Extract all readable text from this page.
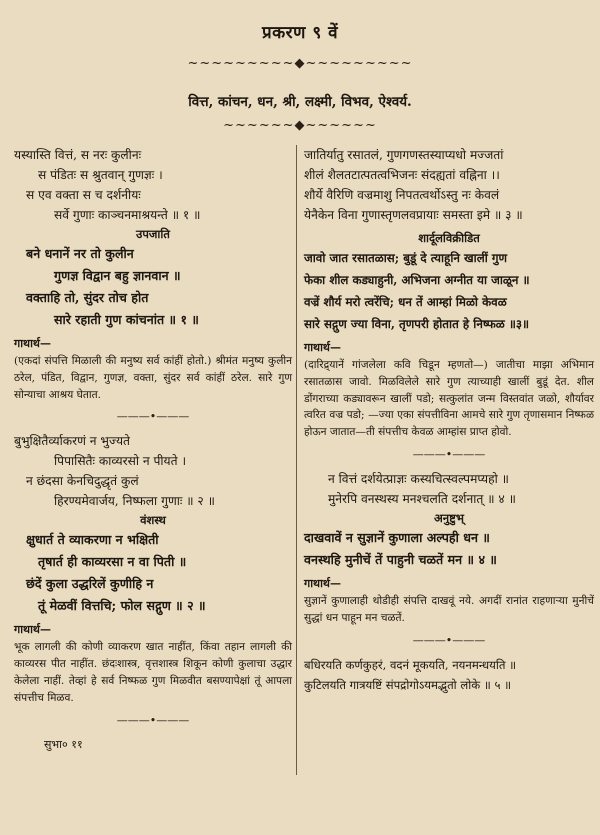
प्रकरण ९ वें
~~~~~~~~~◆~~~~~~~~~
वित्त, कांचन, धन, श्री, लक्ष्मी, विभव, ऐश्वर्य.
~~~~~~◆~~~~~~
यस्यास्ति वित्तं, स नरः कुलीनः
स पंडितः स श्रुतवान् गुणज्ञः ।
स एव वक्ता स च दर्शनीयः
सर्वे गुणाः काञ्चनमाश्रयन्ते ॥ १ ॥
उपजाति
बने धनानें नर तो कुलीन
गुणज्ञ विद्वान बहु ज्ञानवान ॥
वक्ताहि तो, सुंदर तोच होत
सारे रहाती गुण कांचनांत ॥ १ ॥
गाथार्थ—
(एकदां संपत्ति मिळाली की मनुष्य सर्व कांहीं होतो.) श्रीमंत मनुष्य कुलीन ठरेल, पंडित, विद्वान, गुणज्ञ, वक्ता, सुंदर सर्व कांहीं ठरेल. सारे गुण सोन्याचा आश्रय घेतात.
———•———
बुभुक्षितैर्व्याकरणं न भुज्यते
पिपासितैः काव्यरसो न पीयते ।
न छंदसा केनचिदुद्धृतं कुलं
हिरण्यमेवार्जय, निष्फला गुणाः ॥ २ ॥
वंशस्थ
क्षुधार्त ते व्याकरणा न भक्षिती
तृषार्त ही काव्यरसा न वा पिती ॥
छंदें कुला उद्धरिलें कुणीहि न
तूं मेळवीं वित्तचि; फोल सद्गुण ॥ २ ॥
गाथार्थ—
भूक लागली की कोणी व्याकरण खात नाहींत, किंवा तहान लागली की काव्यरस पीत नाहींत. छंदःशास्त्र, वृत्तशास्त्र शिकून कोणी कुलाचा उद्धार केलेला नाहीं. तेव्हां हे सर्व निष्फळ गुण मिळवीत बसण्यापेक्षां तूं आपला संपत्तीच मिळव.
———•———
सुभा० ११
जातिर्यातु रसातलं, गुणगणस्तस्याप्यधो मज्जतां
शीलं शैलतटात्पतत्वभिजनः संदह्यतां वह्निना ।।
शौर्ये वैरिणि वज्रमाशु निपतत्वर्थोऽस्तु नः केवलं
येनैकेन विना गुणास्तृणलवप्रायाः समस्ता इमे ॥ ३ ॥
शार्दूलविक्रीडित
जावो जात रसातळास; बुडूं दे त्याहूनि खालीं गुण
फेका शील कड्याहुनी, अभिजना अग्नीत या जाळून ॥
वज्रें शौर्य मरो त्वरेंचि; धन तें आम्हां मिळो केवळ
सारे सद्गुण ज्या विना, तृणपरी होतात हे निष्फळ ॥३॥
गाथार्थ—
(दारिद्र्यानें गांजलेला कवि चिडून म्हणतो—) जातीचा माझा अभिमान रसातळास जावो. मिळविलेले सारे गुण त्याच्याही खालीं बुडूं देत. शील डोंगराच्या कड्यावरून खालीं पडो; सत्कुलांत जन्म विस्तवांत जळो, शौर्यावर त्वरित वज्र पडो; —ज्या एका संपत्तीविना आमचे सारे गुण तृणासमान निष्फळ होऊन जातात—ती संपत्तीच केवळ आम्हांस प्राप्त होवो.
———•———
न वित्तं दर्शयेत्प्राज्ञः कस्यचित्स्वल्पमप्यहो ॥
मुनेरपि वनस्थस्य मनश्चलति दर्शनात् ॥ ४ ॥
अनुष्टुभ्
दाखवावें न सुज्ञानें कुणाला अल्पही धन ॥
वनस्थहि मुनीचें तें पाहुनी चळतें मन ॥ ४ ॥
गाथार्थ—
सुज्ञानें कुणालाही थोडीही संपत्ति दाखवूं नये. अगदीं रानांत राहणाऱ्या मुनीचें सुद्धां धन पाहून मन चळतें.
———•———
बधिरयति कर्णकुहरं, वदनं मूकयति, नयनमन्धयति ॥
कुटिलयति गात्रयष्टिं संपद्रोगोऽयमद्भुतो लोके ॥ ५ ॥
